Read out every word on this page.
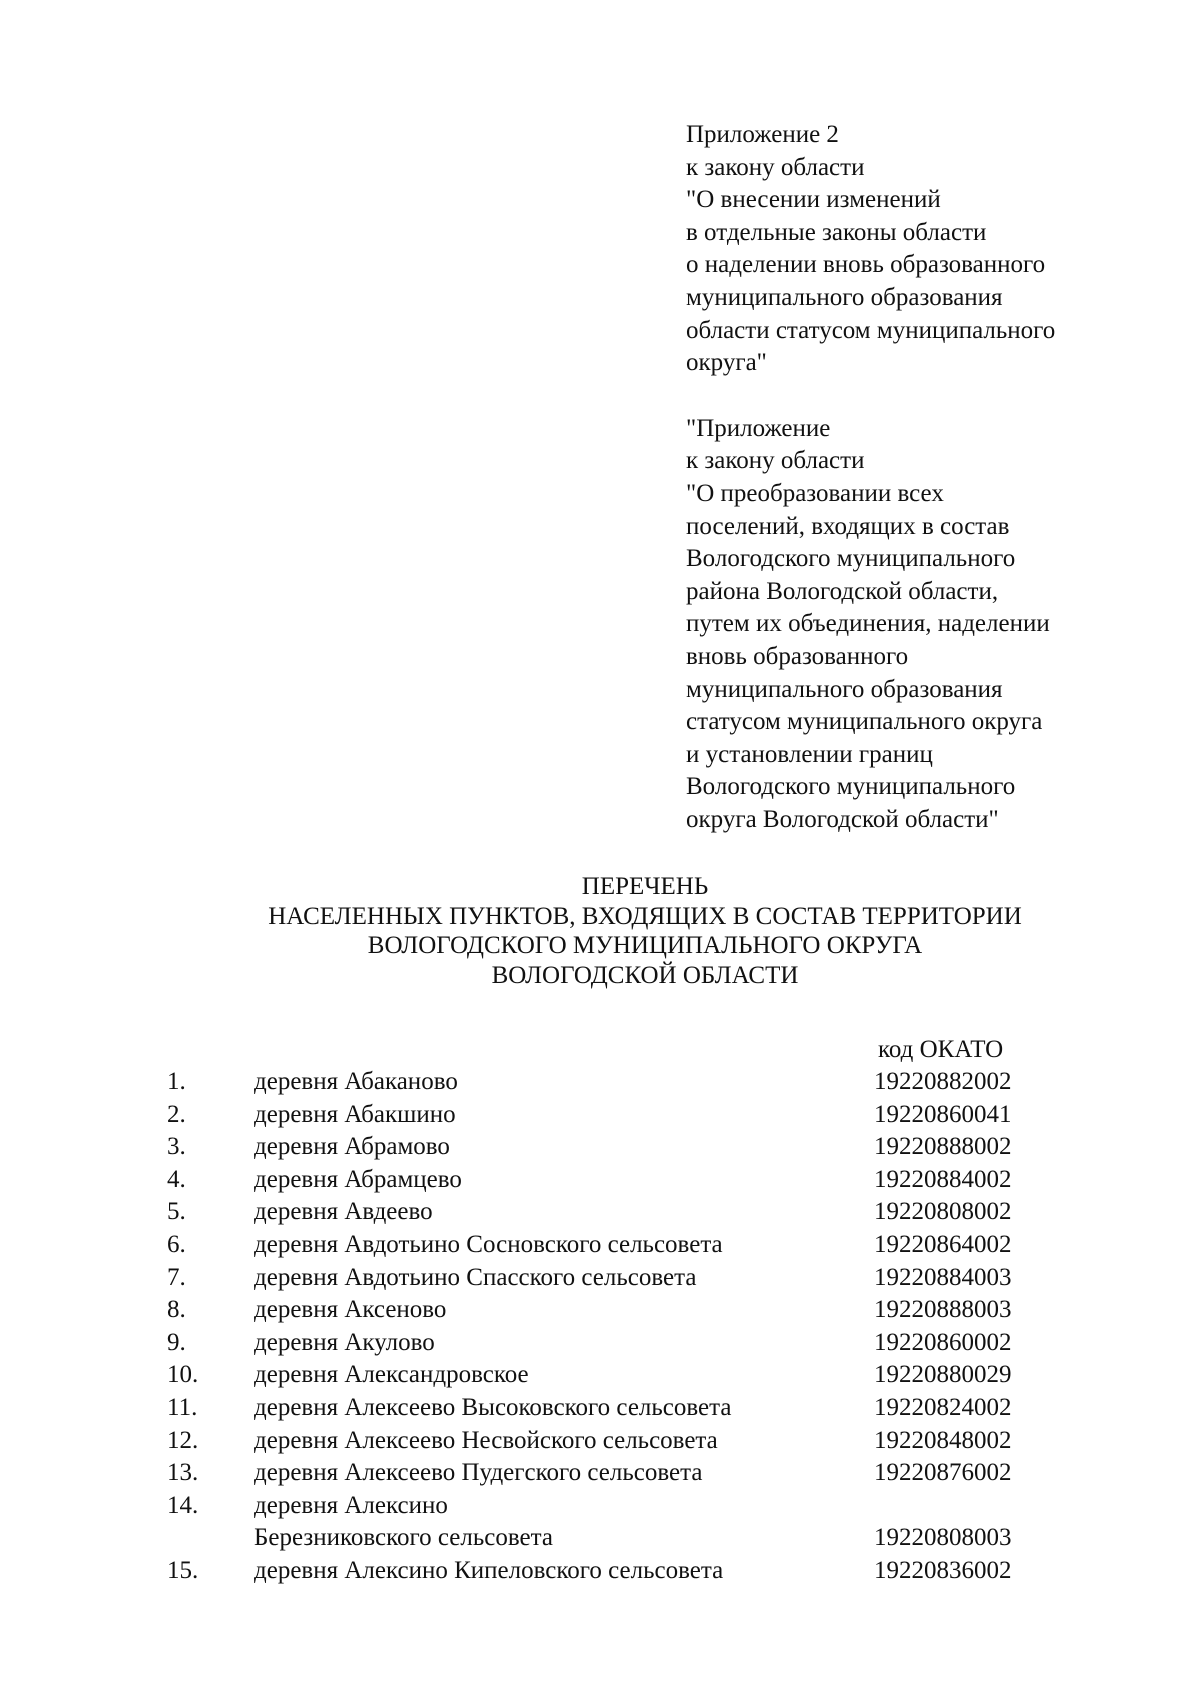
Приложение 2

к закону области

"О внесении изменений

в отдельные законы области

о наделении вновь образованного

муниципального образования

области статусом муниципального

округа"

"Приложение

к закону области

"О преобразовании всех

поселений, входящих в состав

Вологодского муниципального

района Вологодской области,

путем их объединения, наделении

вновь образованного

муниципального образования

статусом муниципального округа

и установлении границ

Вологодского муниципального

округа Вологодской области"

ПЕРЕЧЕНЬ

НАСЕЛЕННЫХ ПУНКТОВ, ВХОДЯЩИХ В СОСТАВ ТЕРРИТОРИИ

ВОЛОГОДСКОГО МУНИЦИПАЛЬНОГО ОКРУГА

ВОЛОГОДСКОЙ ОБЛАСТИ

код ОКАТО
1.	деревня Абаканово	19220882002
2.	деревня Абакшино	19220860041
3.	деревня Абрамово	19220888002
4.	деревня Абрамцево	19220884002
5.	деревня Авдеево	19220808002
6.	деревня Авдотьино Сосновского сельсовета	19220864002
7.	деревня Авдотьино Спасского сельсовета	19220884003
8.	деревня Аксеново	19220888003
9.	деревня Акулово	19220860002
10. деревня Александровское	19220880029
11. деревня Алексеево Высоковского сельсовета	19220824002
12. деревня Алексеево Несвойского сельсовета	19220848002
13. деревня Алексеево Пудегского сельсовета	19220876002
14. деревня Алексино
Березниковского сельсовета	19220808003
15. деревня Алексино Кипеловского сельсовета	19220836002
